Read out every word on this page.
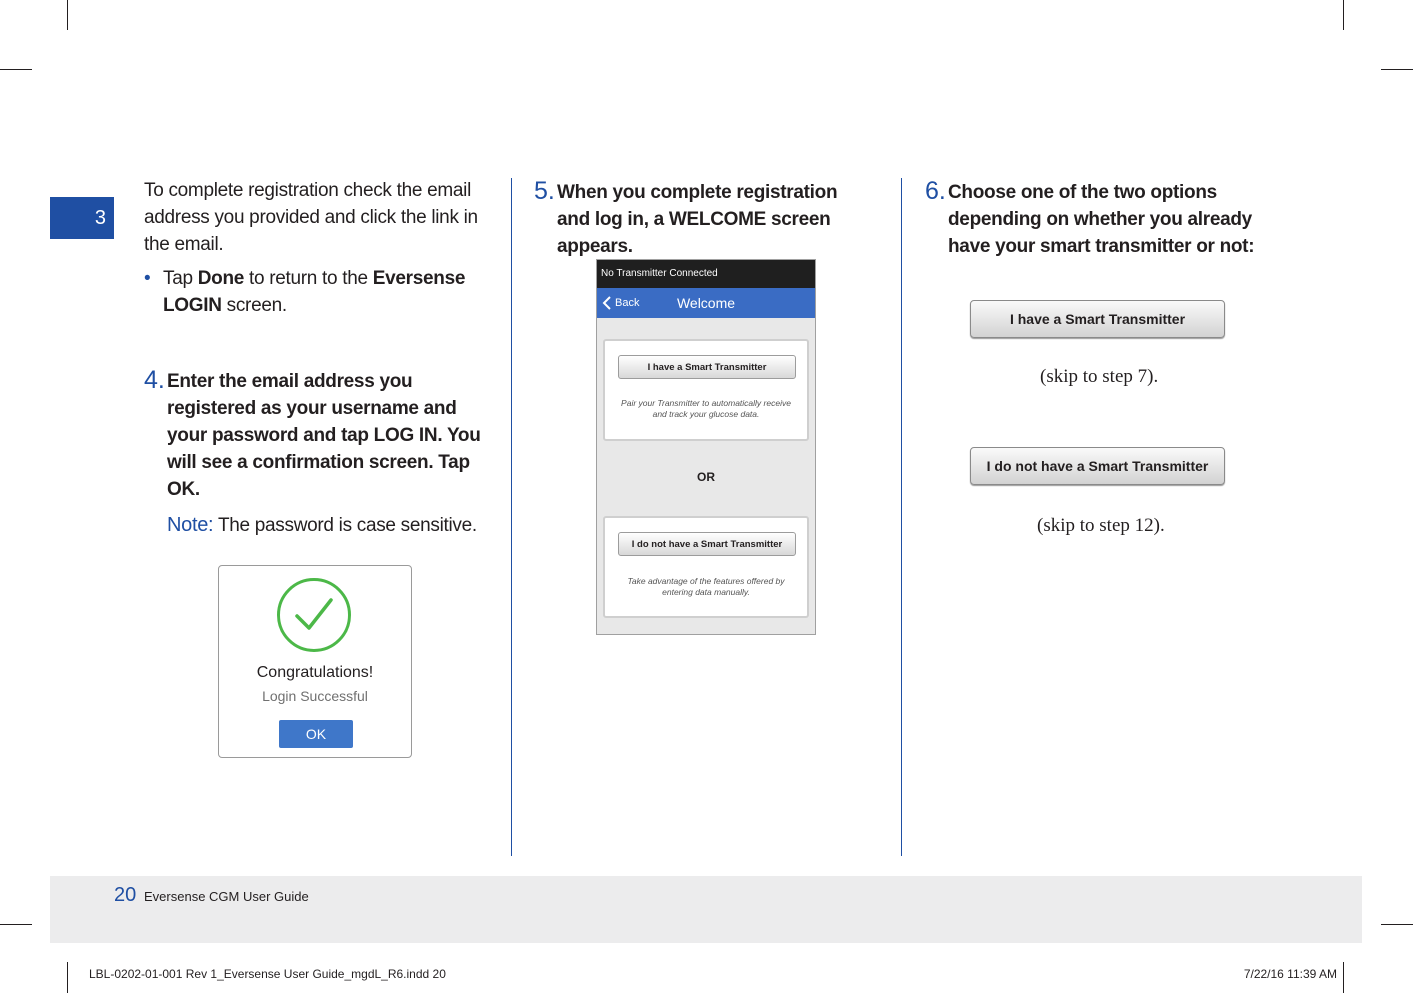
3
To complete registration check the email address you provided and click the link in the email.
• Tap Done to return to the Eversense LOGIN screen.
4. Enter the email address you registered as your username and your password and tap LOG IN. You will see a confirmation screen. Tap OK.
Note: The password is case sensitive.
Congratulations!
Login Successful
OK
5. When you complete registration and log in, a WELCOME screen appears.
No Transmitter Connected
Back	Welcome
I have a Smart Transmitter
Pair your Transmitter to automatically receive and track your glucose data.
OR
I do not have a Smart Transmitter
Take advantage of the features offered by entering data manually.
6. Choose one of the two options depending on whether you already have your smart transmitter or not:
I have a Smart Transmitter
(skip to step 7).
I do not have a Smart Transmitter
(skip to step 12).
20 Eversense CGM User Guide
LBL-0202-01-001 Rev 1_Eversense User Guide_mgdL_R6.indd 20	7/22/16 11:39 AM
